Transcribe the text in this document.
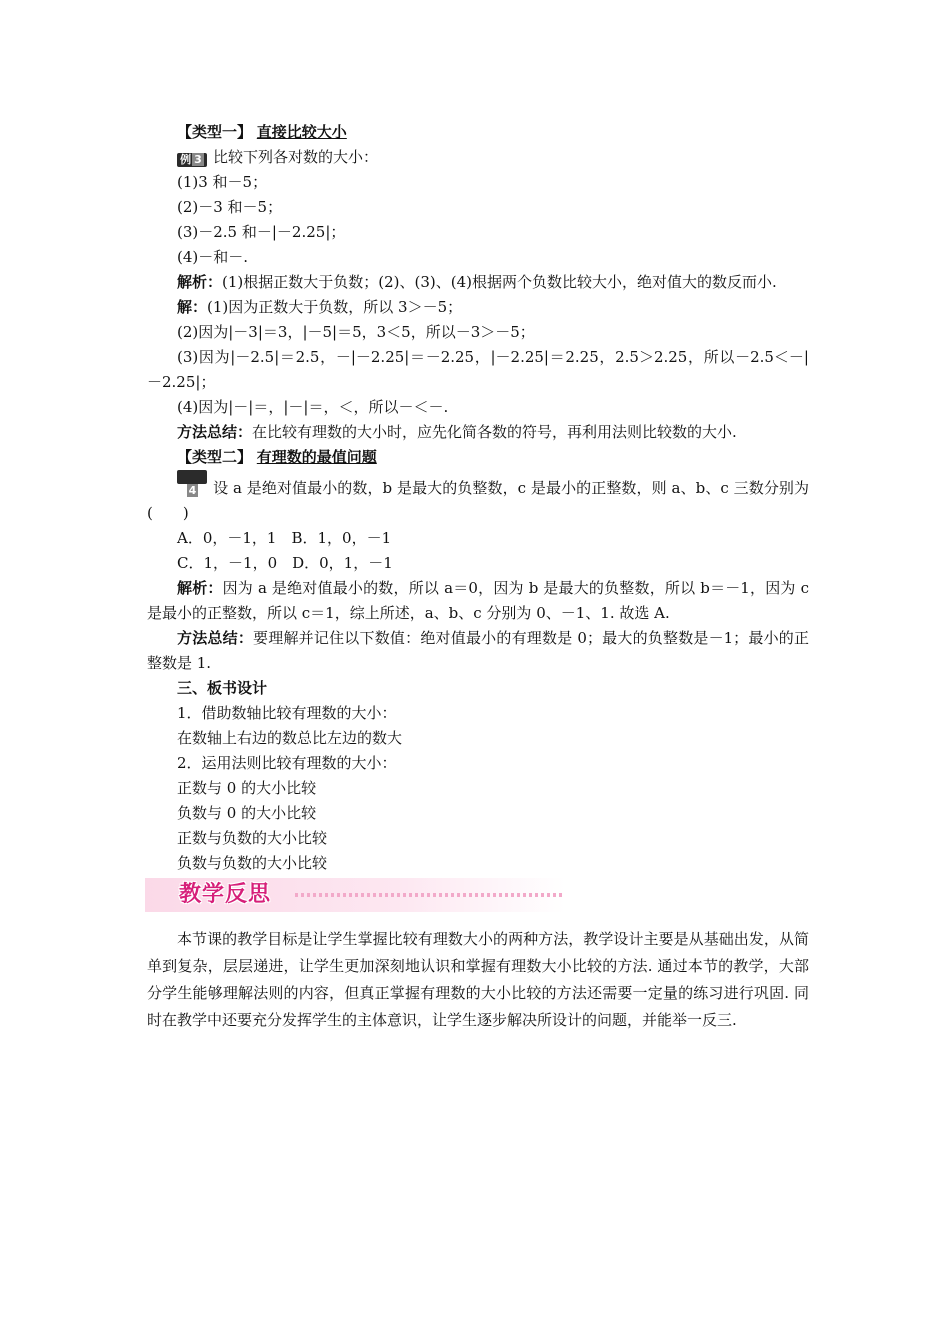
【类型一】 直接比较大小

例 3 比较下列各对数的大小：

(1)3 和－5；

(2)－3 和－5；

(3)－2.5 和－|－2.25|；

(4)－和－.

解析：(1)根据正数大于负数；(2)、(3)、(4)根据两个负数比较大小，绝对值大的数反而小.

解：(1)因为正数大于负数，所以 3＞－5；

(2)因为|－3|＝3，|－5|＝5，3＜5，所以－3＞－5；

(3)因为|－2.5|＝2.5，－|－2.25|＝－2.25，|－2.25|＝2.25，2.5＞2.25，所以－2.5＜－|－2.25|；

(4)因为|－|＝，|－|＝，＜，所以－＜－.

方法总结：在比较有理数的大小时，应先化简各数的符号，再利用法则比较数的大小.

【类型二】 有理数的最值问题

例4 设 a 是绝对值最小的数，b 是最大的负整数，c 是最小的正整数，则 a、b、c 三数分别为(　　)

A．0，－1，1　B．1，0，－1

C．1，－1，0　D．0，1，－1

解析：因为 a 是绝对值最小的数，所以 a＝0，因为 b 是最大的负整数，所以 b＝－1，因为 c 是最小的正整数，所以 c＝1，综上所述，a、b、c 分别为 0、－1、1. 故选 A.

方法总结：要理解并记住以下数值：绝对值最小的有理数是 0；最大的负整数是－1；最小的正整数是 1.

三、板书设计

1．借助数轴比较有理数的大小：

在数轴上右边的数总比左边的数大

2．运用法则比较有理数的大小：

正数与 0 的大小比较

负数与 0 的大小比较

正数与负数的大小比较

负数与负数的大小比较

教学反思

本节课的教学目标是让学生掌握比较有理数大小的两种方法，教学设计主要是从基础出发，从简单到复杂，层层递进，让学生更加深刻地认识和掌握有理数大小比较的方法. 通过本节的教学，大部分学生能够理解法则的内容，但真正掌握有理数的大小比较的方法还需要一定量的练习进行巩固. 同时在教学中还要充分发挥学生的主体意识，让学生逐步解决所设计的问题，并能举一反三.
